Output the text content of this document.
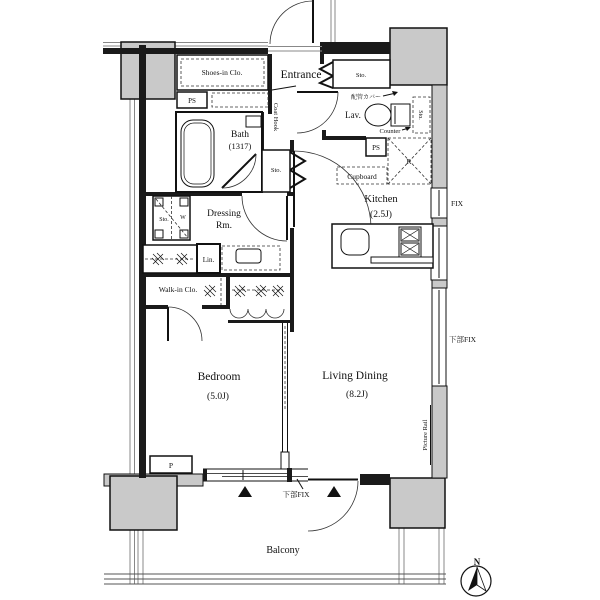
Entrance
Coat Hook
Shoes-in Clo.
PS
Bath
(1317)
Sto.
Sto.
配管カバー
Sto.
Lav.
Counter
PS
R
Cupboard
Kitchen
(2.5J)
Sto. W Dressing
Rm.
Lin.
Walk-in Clo.
Bedroom
(5.0J)
Living Dining
(8.2J)
FIX
下部FIX
Picture Rail
下部FIX
P
Balcony
N
